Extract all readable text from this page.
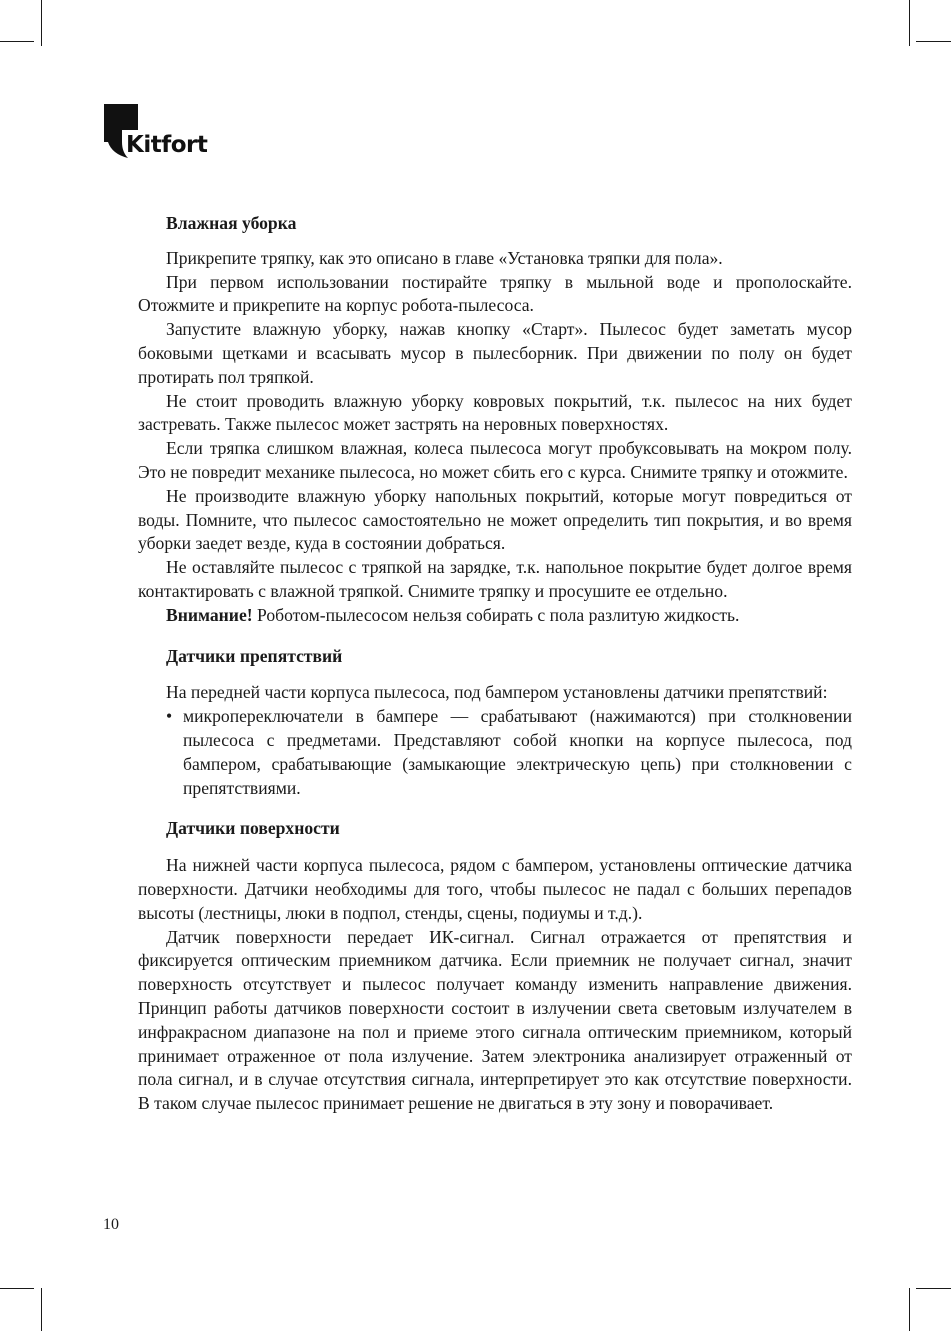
Kitfort
Влажная уборка

Прикрепите тряпку, как это описано в главе «Установка тряпки для пола».

При первом использовании постирайте тряпку в мыльной воде и прополоскайте. Отожмите и прикрепите на корпус робота-пылесоса.

Запустите влажную уборку, нажав кнопку «Старт». Пылесос будет заметать мусор боковыми щетками и всасывать мусор в пылесборник. При движении по полу он будет протирать пол тряпкой.

Не стоит проводить влажную уборку ковровых покрытий, т.к. пылесос на них будет застревать. Также пылесос может застрять на неровных поверхностях.

Если тряпка слишком влажная, колеса пылесоса могут пробуксовывать на мокром полу. Это не повредит механике пылесоса, но может сбить его с курса. Снимите тряпку и отожмите.

Не производите влажную уборку напольных покрытий, которые могут повредиться от воды. Помните, что пылесос самостоятельно не может определить тип покрытия, и во время уборки заедет везде, куда в состоянии добраться.

Не оставляйте пылесос с тряпкой на зарядке, т.к. напольное покрытие будет долгое время контактировать с влажной тряпкой. Снимите тряпку и просушите ее отдельно.

Внимание! Роботом-пылесосом нельзя собирать с пола разлитую жидкость.

Датчики препятствий

На передней части корпуса пылесоса, под бампером установлены датчики препятствий:

• микропереключатели в бампере — срабатывают (нажимаются) при столкновении пылесоса с предметами. Представляют собой кнопки на корпусе пылесоса, под бампером, срабатывающие (замыкающие электрическую цепь) при столкновении с препятствиями.
Датчики поверхности

На нижней части корпуса пылесоса, рядом с бампером, установлены оптические датчика поверхности. Датчики необходимы для того, чтобы пылесос не падал с больших перепадов высоты (лестницы, люки в подпол, стенды, сцены, подиумы и т.д.).

Датчик поверхности передает ИК-сигнал. Сигнал отражается от препятствия и фиксируется оптическим приемником датчика. Если приемник не получает сигнал, значит поверхность отсутствует и пылесос получает команду изменить направление движения. Принцип работы датчиков поверхности состоит в излучении света световым излучателем в инфракрасном диапазоне на пол и приеме этого сигнала оптическим приемником, который принимает отраженное от пола излучение. Затем электроника анализирует отраженный от пола сигнал, и в случае отсутствия сигнала, интерпретирует это как отсутствие поверхности. В таком случае пылесос принимает решение не двигаться в эту зону и поворачивает.

10
